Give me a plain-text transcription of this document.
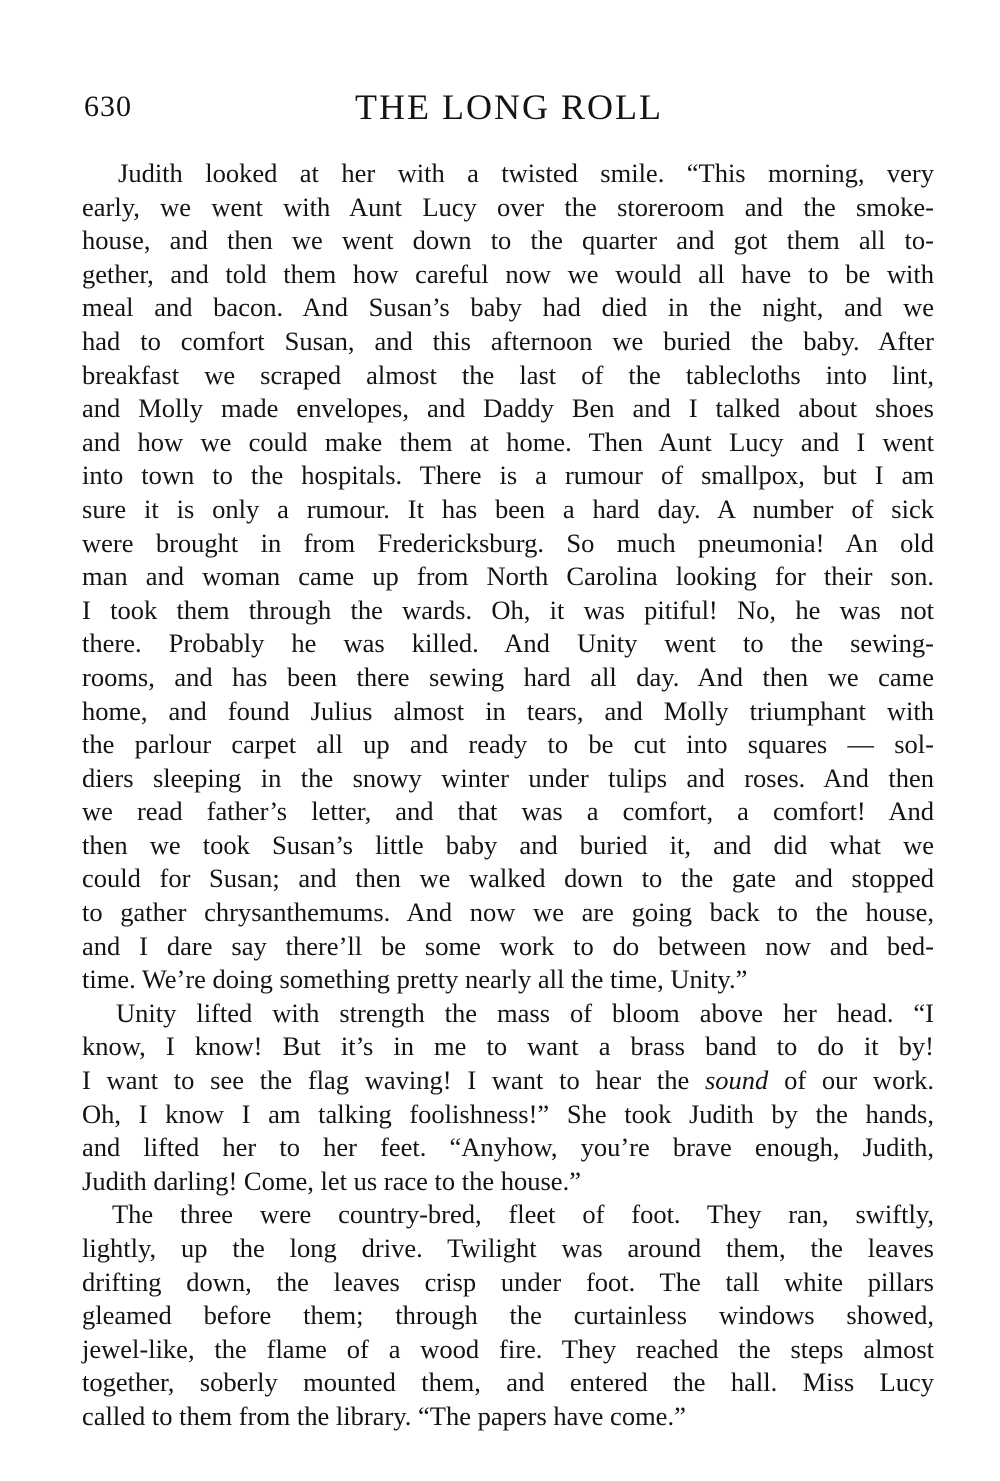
630	THE LONG ROLL
Judith looked at her with a twisted smile. “This morning, very
early, we went with Aunt Lucy over the storeroom and the smoke-
house, and then we went down to the quarter and got them all to-
gether, and told them how careful now we would all have to be with
meal and bacon. And Susan’s baby had died in the night, and we
had to comfort Susan, and this afternoon we buried the baby. After
breakfast we scraped almost the last of the tablecloths into lint,
and Molly made envelopes, and Daddy Ben and I talked about shoes
and how we could make them at home. Then Aunt Lucy and I went
into town to the hospitals. There is a rumour of smallpox, but I am
sure it is only a rumour. It has been a hard day. A number of sick
were brought in from Fredericksburg. So much pneumonia! An old
man and woman came up from North Carolina looking for their son.
I took them through the wards. Oh, it was pitiful! No, he was not
there. Probably he was killed. And Unity went to the sewing-
rooms, and has been there sewing hard all day. And then we came
home, and found Julius almost in tears, and Molly triumphant with
the parlour carpet all up and ready to be cut into squares — sol-
diers sleeping in the snowy winter under tulips and roses. And then
we read father’s letter, and that was a comfort, a comfort! And
then we took Susan’s little baby and buried it, and did what we
could for Susan; and then we walked down to the gate and stopped
to gather chrysanthemums. And now we are going back to the house,
and I dare say there’ll be some work to do between now and bed-
time. We’re doing something pretty nearly all the time, Unity.”
Unity lifted with strength the mass of bloom above her head. “I
know, I know! But it’s in me to want a brass band to do it by!
I want to see the flag waving! I want to hear the sound of our work.
Oh, I know I am talking foolishness!” She took Judith by the hands,
and lifted her to her feet. “Anyhow, you’re brave enough, Judith,
Judith darling! Come, let us race to the house.”
The three were country-bred, fleet of foot. They ran, swiftly,
lightly, up the long drive. Twilight was around them, the leaves
drifting down, the leaves crisp under foot. The tall white pillars
gleamed before them; through the curtainless windows showed,
jewel-like, the flame of a wood fire. They reached the steps almost
together, soberly mounted them, and entered the hall. Miss Lucy
called to them from the library. “The papers have come.”
